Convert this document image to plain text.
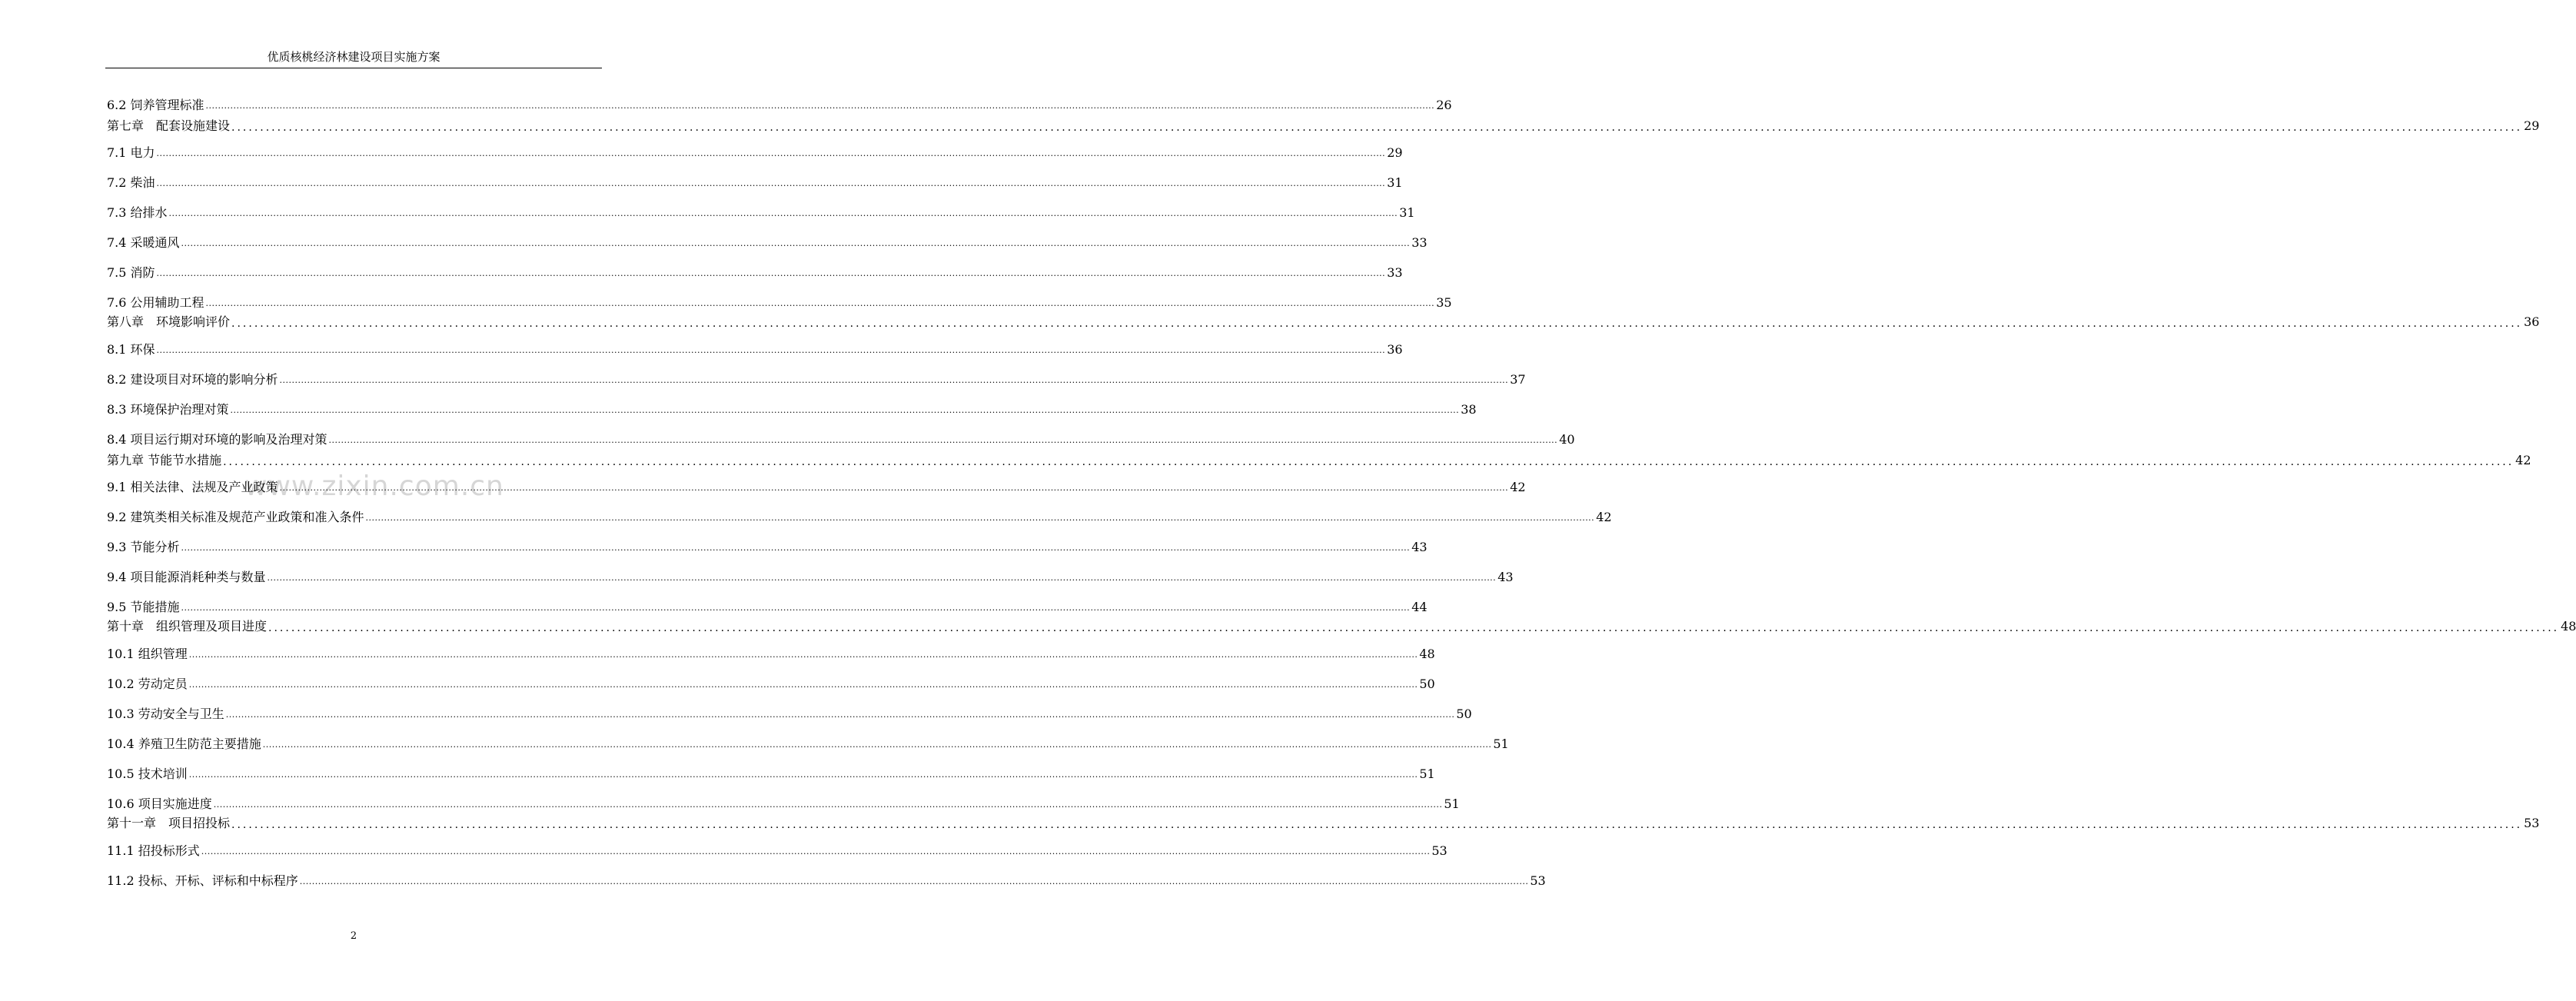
优质核桃经济林建设项目实施方案
www.zixin.com.cn
6.2 饲养管理标准 ................................................................................................................................................................................................................................................................................................................................................................................................................ 26
第七章　配套设施建设 ................................................................................................................................................................................................................................................................................................................................................................................................................ 29
7.1 电力 ................................................................................................................................................................................................................................................................................................................................................................................................................ 29
7.2 柴油 ................................................................................................................................................................................................................................................................................................................................................................................................................ 31
7.3 给排水 ................................................................................................................................................................................................................................................................................................................................................................................................................ 31
7.4 采暖通风 ................................................................................................................................................................................................................................................................................................................................................................................................................ 33
7.5 消防 ................................................................................................................................................................................................................................................................................................................................................................................................................ 33
7.6 公用辅助工程 ................................................................................................................................................................................................................................................................................................................................................................................................................ 35
第八章　环境影响评价 ................................................................................................................................................................................................................................................................................................................................................................................................................ 36
8.1 环保 ................................................................................................................................................................................................................................................................................................................................................................................................................ 36
8.2 建设项目对环境的影响分析 ................................................................................................................................................................................................................................................................................................................................................................................................................ 37
8.3 环境保护治理对策 ................................................................................................................................................................................................................................................................................................................................................................................................................ 38
8.4 项目运行期对环境的影响及治理对策 ................................................................................................................................................................................................................................................................................................................................................................................................................ 40
第九章 节能节水措施 ................................................................................................................................................................................................................................................................................................................................................................................................................ 42
9.1 相关法律、法规及产业政策 ................................................................................................................................................................................................................................................................................................................................................................................................................ 42
9.2 建筑类相关标准及规范产业政策和准入条件 ................................................................................................................................................................................................................................................................................................................................................................................................................ 42
9.3 节能分析 ................................................................................................................................................................................................................................................................................................................................................................................................................ 43
9.4 项目能源消耗种类与数量 ................................................................................................................................................................................................................................................................................................................................................................................................................ 43
9.5 节能措施 ................................................................................................................................................................................................................................................................................................................................................................................................................ 44
第十章　组织管理及项目进度 ................................................................................................................................................................................................................................................................................................................................................................................................................ 48
10.1 组织管理 ................................................................................................................................................................................................................................................................................................................................................................................................................ 48
10.2 劳动定员 ................................................................................................................................................................................................................................................................................................................................................................................................................ 50
10.3 劳动安全与卫生 ................................................................................................................................................................................................................................................................................................................................................................................................................ 50
10.4 养殖卫生防范主要措施 ................................................................................................................................................................................................................................................................................................................................................................................................................ 51
10.5 技术培训 ................................................................................................................................................................................................................................................................................................................................................................................................................ 51
10.6 项目实施进度 ................................................................................................................................................................................................................................................................................................................................................................................................................ 51
第十一章　项目招投标 ................................................................................................................................................................................................................................................................................................................................................................................................................ 53
11.1 招投标形式 ................................................................................................................................................................................................................................................................................................................................................................................................................ 53
11.2 投标、开标、评标和中标程序 ................................................................................................................................................................................................................................................................................................................................................................................................................ 53
2
